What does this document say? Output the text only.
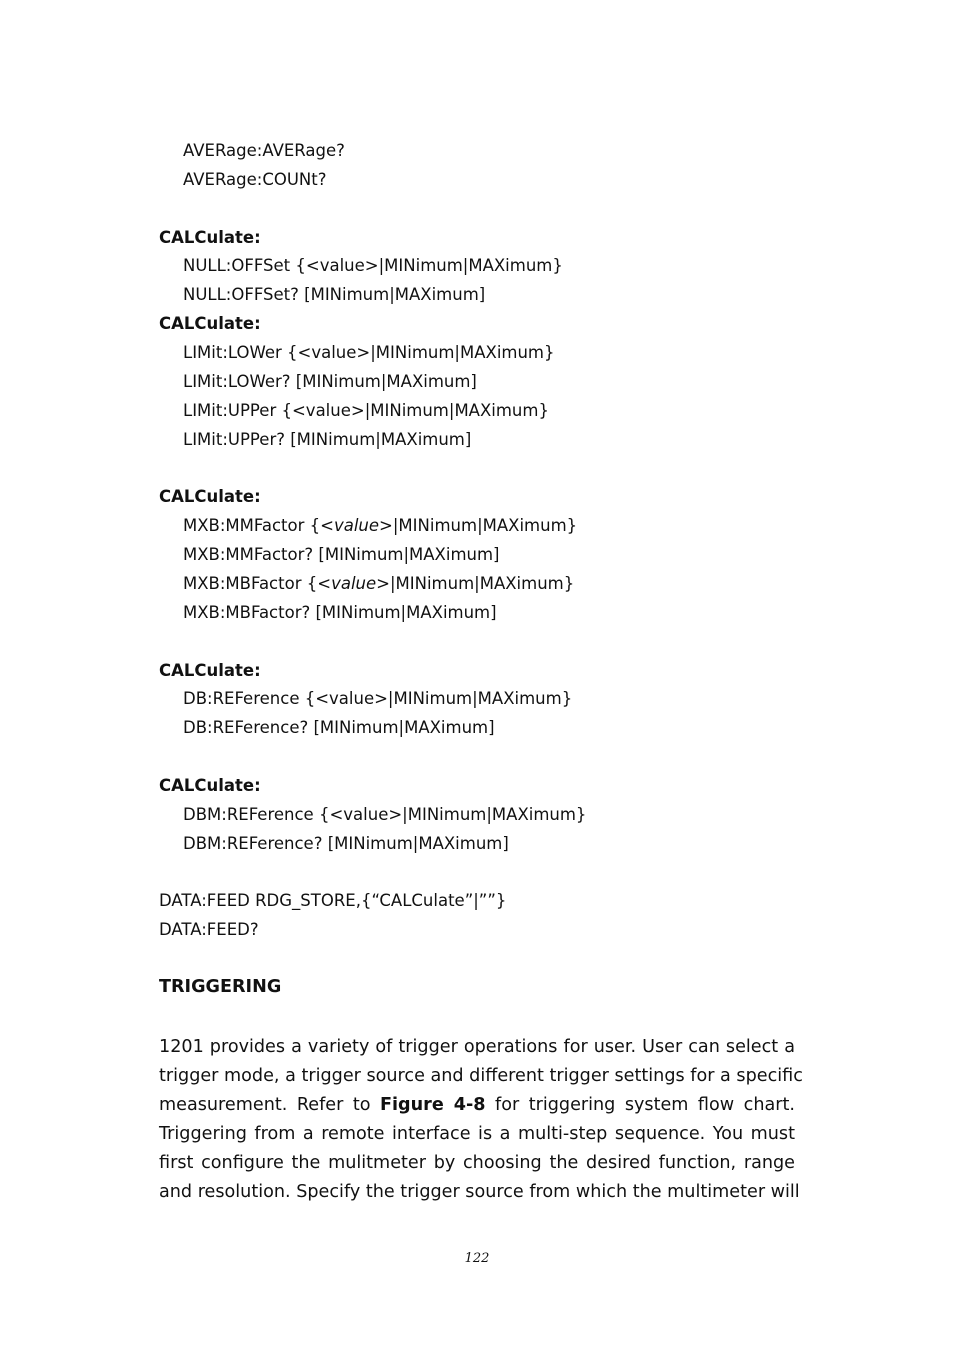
AVERage:AVERage?
AVERage:COUNt?
CALCulate:
NULL:OFFSet {<value>|MINimum|MAXimum}
NULL:OFFSet? [MINimum|MAXimum]
CALCulate:
LIMit:LOWer {<value>|MINimum|MAXimum}
LIMit:LOWer? [MINimum|MAXimum]
LIMit:UPPer {<value>|MINimum|MAXimum}
LIMit:UPPer? [MINimum|MAXimum]
CALCulate:
MXB:MMFactor {<value>|MINimum|MAXimum}
MXB:MMFactor? [MINimum|MAXimum]
MXB:MBFactor {<value>|MINimum|MAXimum}
MXB:MBFactor? [MINimum|MAXimum]
CALCulate:
DB:REFerence {<value>|MINimum|MAXimum}
DB:REFerence? [MINimum|MAXimum]
CALCulate:
DBM:REFerence {<value>|MINimum|MAXimum}
DBM:REFerence? [MINimum|MAXimum]
DATA:FEED RDG_STORE,{“CALCulate”|””}
DATA:FEED?
TRIGGERING
1201 provides a variety of trigger operations for user. User can select a
trigger mode, a trigger source and different trigger settings for a specific
measurement. Refer to Figure 4-8 for triggering system flow chart.
Triggering from a remote interface is a multi-step sequence. You must
first configure the mulitmeter by choosing the desired function, range
and resolution. Specify the trigger source from which the multimeter will
122
